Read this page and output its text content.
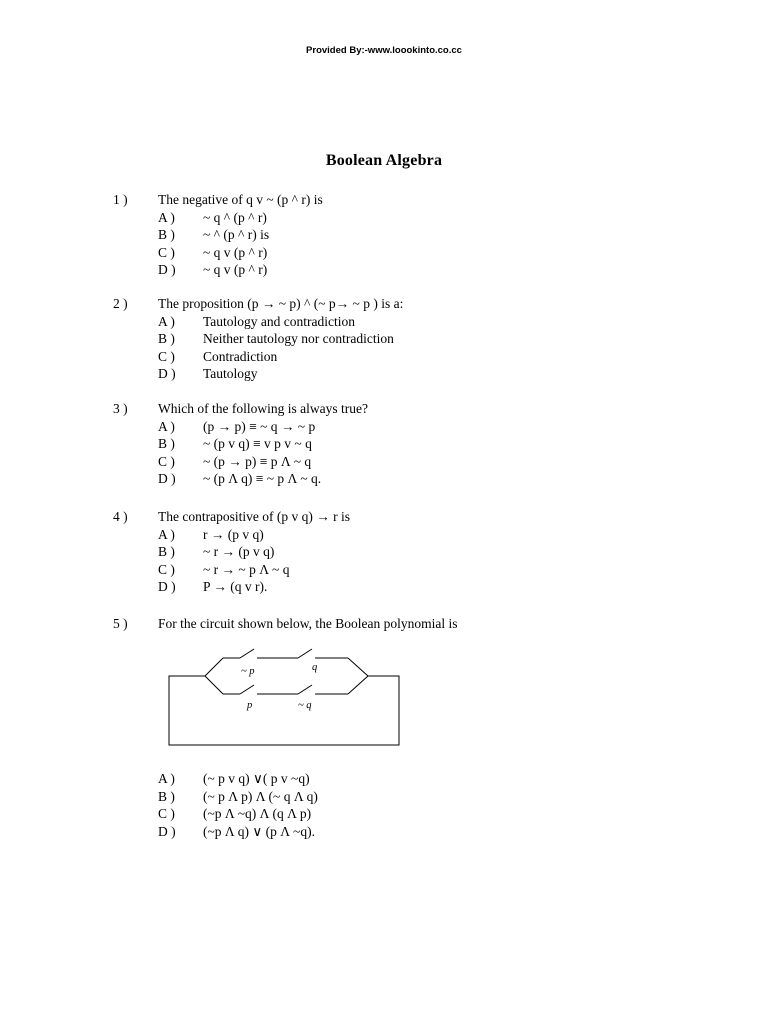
Provided By:-www.loookinto.co.cc
Boolean Algebra
1 ) The negative of q v ~ (p ^ r) is
A ) ~ q ^ (p ^ r)
B ) ~ ^ (p ^ r) is
C ) ~ q v (p ^ r)
D ) ~ q v (p ^ r)
2 ) The proposition (p → ~ p) ^ (~ p→ ~ p ) is a:
A ) Tautology and contradiction
B ) Neither tautology nor contradiction
C ) Contradiction
D ) Tautology
3 ) Which of the following is always true?
A ) (p → p) ≡ ~ q → ~ p
B ) ~ (p v q) ≡ v p v ~ q
C ) ~ (p → p) ≡ p Λ ~ q
D ) ~ (p Λ q) ≡ ~ p Λ ~ q.
4 ) The contrapositive of (p v q) → r is
A ) r → (p v q)
B ) ~ r → (p v q)
C ) ~ r → ~ p Λ ~ q
D ) P → (q v r).
5 ) For the circuit shown below, the Boolean polynomial is
~ p	q
p	~ q
A ) (~ p v q) ∨( p v ~q)
B ) (~ p Λ p) Λ (~ q Λ q)
C ) (~p Λ ~q) Λ (q Λ p)
D ) (~p Λ q) ∨ (p Λ ~q).
